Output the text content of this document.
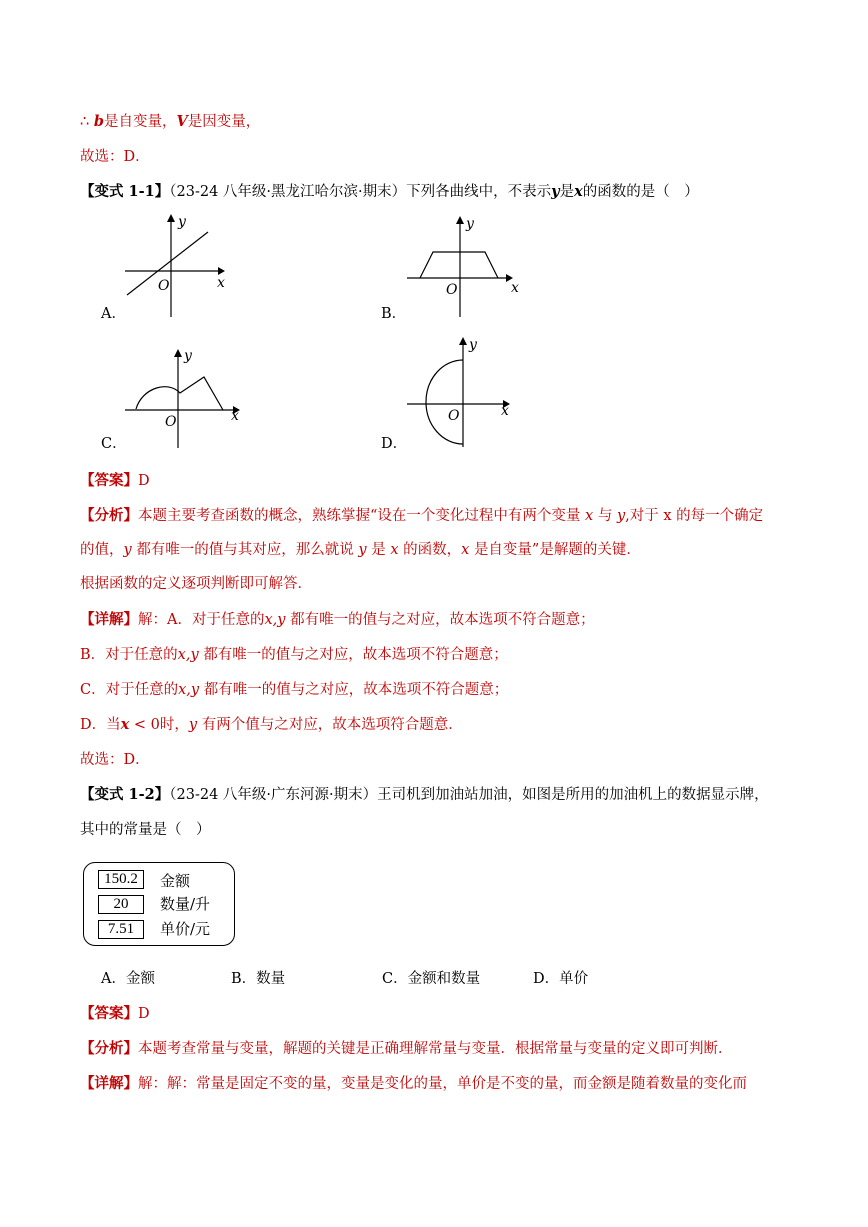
∴ b是自变量，V是因变量，
故选：D．
【变式 1-1】（23-24 八年级·黑龙江哈尔滨·期末）下列各曲线中，不表示y是x的函数的是（　）
x
y
O
A．
x
y
O
B．
x
y
O
C．
x
y
O
D．
【答案】D
【分析】本题主要考查函数的概念，熟练掌握“设在一个变化过程中有两个变量 x 与 y,对于 x 的每一个确定
的值，y 都有唯一的值与其对应，那么就说 y 是 x 的函数，x 是自变量”是解题的关键．
根据函数的定义逐项判断即可解答．
【详解】解：A．对于任意的x,y 都有唯一的值与之对应，故本选项不符合题意；
B．对于任意的x,y 都有唯一的值与之对应，故本选项不符合题意；
C．对于任意的x,y 都有唯一的值与之对应，故本选项不符合题意；
D．当x < 0时，y 有两个值与之对应，故本选项符合题意．
故选：D．
【变式 1-2】（23-24 八年级·广东河源·期末）王司机到加油站加油，如图是所用的加油机上的数据显示牌，
其中的常量是（　）
150.2	金额
20	数量/升
7.51	单价/元
A．金额	B．数量	C．金额和数量	D．单价
【答案】D
【分析】本题考查常量与变量，解题的关键是正确理解常量与变量．根据常量与变量的定义即可判断．
【详解】解：解：常量是固定不变的量，变量是变化的量，单价是不变的量，而金额是随着数量的变化而
